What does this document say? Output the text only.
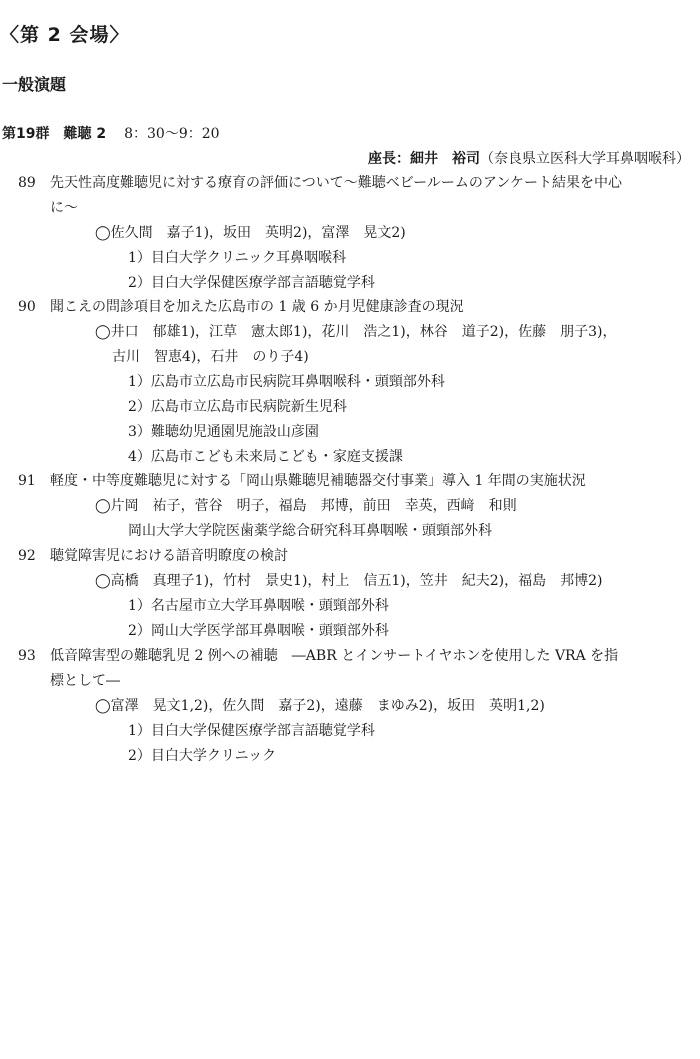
〈第 2 会場〉
一般演題
第19群　難聴 2 8：30〜9：20
座長：細井　裕司（奈良県立医科大学耳鼻咽喉科）
89 先天性高度難聴児に対する療育の評価について〜難聴ベビールームのアンケート結果を中心
に〜
◯佐久間　嘉子1)，坂田　英明2)，富澤　晃文2)
1）目白大学クリニック耳鼻咽喉科
2）目白大学保健医療学部言語聴覚学科
90 聞こえの問診項目を加えた広島市の 1 歳 6 か月児健康診査の現況
◯井口　郁雄1)，江草　憲太郎1)，花川　浩之1)，林谷　道子2)，佐藤　朋子3)，
古川　智恵4)，石井　のり子4)
1）広島市立広島市民病院耳鼻咽喉科・頭頸部外科
2）広島市立広島市民病院新生児科
3）難聴幼児通園児施設山彦園
4）広島市こども未来局こども・家庭支援課
91 軽度・中等度難聴児に対する「岡山県難聴児補聴器交付事業」導入 1 年間の実施状況
◯片岡　祐子，菅谷　明子，福島　邦博，前田　幸英，西﨑　和則
岡山大学大学院医歯薬学総合研究科耳鼻咽喉・頭頸部外科
92 聴覚障害児における語音明瞭度の検討
◯高橋　真理子1)，竹村　景史1)，村上　信五1)，笠井　紀夫2)，福島　邦博2)
1）名古屋市立大学耳鼻咽喉・頭頸部外科
2）岡山大学医学部耳鼻咽喉・頭頸部外科
93 低音障害型の難聴乳児 2 例への補聴　―ABR とインサートイヤホンを使用した VRA を指
標として―
◯富澤　晃文1,2)，佐久間　嘉子2)，遠藤　まゆみ2)，坂田　英明1,2)
1）目白大学保健医療学部言語聴覚学科
2）目白大学クリニック
